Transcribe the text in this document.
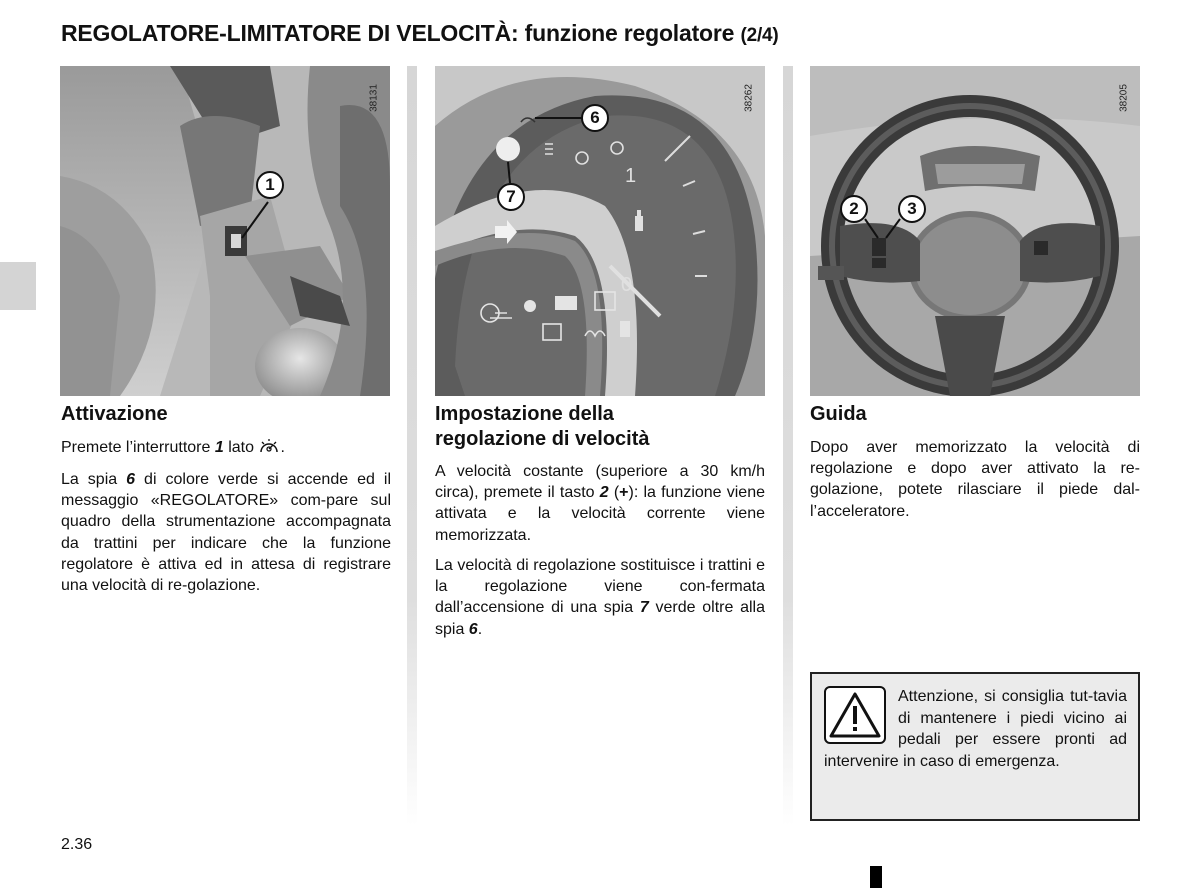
REGOLATORE-LIMITATORE DI VELOCITÀ: funzione regolatore (2/4)
38131
1	1
0
38262
6
7
38205
2	3
Attivazione

Premete l’interruttore 1 lato .

La spia 6 di colore verde si accende ed il messaggio «REGOLATORE» com-pare sul quadro della strumentazione accompagnata da trattini per indicare che la funzione regolatore è attiva ed in attesa di registrare una velocità di re-golazione.

Impostazione della
regolazione di velocità

A velocità costante (superiore a 30 km/h circa), premete il tasto 2 (+): la funzione viene attivata e la velocità corrente viene memorizzata.

La velocità di regolazione sostituisce i trattini e la regolazione viene con-fermata dall’accensione di una spia 7 verde oltre alla spia 6.

Guida

Dopo aver memorizzato la velocità di regolazione e dopo aver attivato la re-golazione, potete rilasciare il piede dal-l’acceleratore.

Attenzione, si consiglia tut-tavia di mantenere i piedi vicino ai pedali per essere pronti ad intervenire in caso di emergenza.

2.36
